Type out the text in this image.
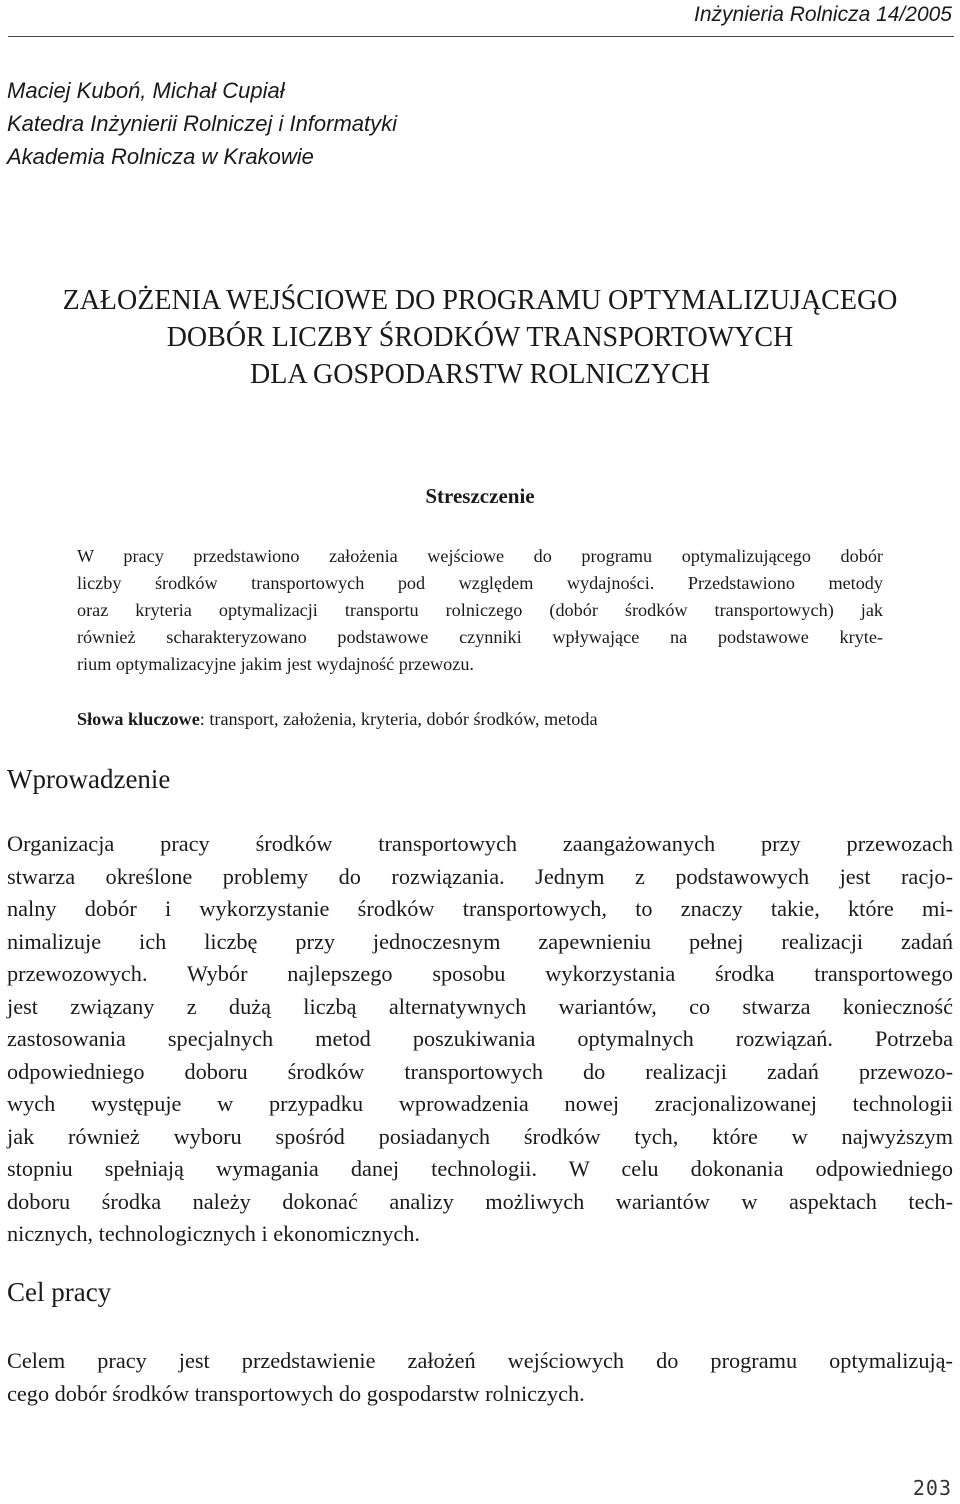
Inżynieria Rolnicza 14/2005
Maciej Kuboń, Michał Cupiał
Katedra Inżynierii Rolniczej i Informatyki
Akademia Rolnicza w Krakowie
ZAŁOŻENIA WEJŚCIOWE DO PROGRAMU OPTYMALIZUJĄCEGO
DOBÓR LICZBY ŚRODKÓW TRANSPORTOWYCH
DLA GOSPODARSTW ROLNICZYCH
Streszczenie
W pracy przedstawiono założenia wejściowe do programu optymalizującego dobór
liczby środków transportowych pod względem wydajności. Przedstawiono metody
oraz kryteria optymalizacji transportu rolniczego (dobór środków transportowych) jak
również scharakteryzowano podstawowe czynniki wpływające na podstawowe kryte-
rium optymalizacyjne jakim jest wydajność przewozu.
Słowa kluczowe: transport, założenia, kryteria, dobór środków, metoda
Wprowadzenie
Organizacja pracy środków transportowych zaangażowanych przy przewozach
stwarza określone problemy do rozwiązania. Jednym z podstawowych jest racjo-
nalny dobór i wykorzystanie środków transportowych, to znaczy takie, które mi-
nimalizuje ich liczbę przy jednoczesnym zapewnieniu pełnej realizacji zadań
przewozowych. Wybór najlepszego sposobu wykorzystania środka transportowego
jest związany z dużą liczbą alternatywnych wariantów, co stwarza konieczność
zastosowania specjalnych metod poszukiwania optymalnych rozwiązań. Potrzeba
odpowiedniego doboru środków transportowych do realizacji zadań przewozo-
wych występuje w przypadku wprowadzenia nowej zracjonalizowanej technologii
jak również wyboru spośród posiadanych środków tych, które w najwyższym
stopniu spełniają wymagania danej technologii. W celu dokonania odpowiedniego
doboru środka należy dokonać analizy możliwych wariantów w aspektach tech-
nicznych, technologicznych i ekonomicznych.
Cel pracy
Celem pracy jest przedstawienie założeń wejściowych do programu optymalizują-
cego dobór środków transportowych do gospodarstw rolniczych.
203
